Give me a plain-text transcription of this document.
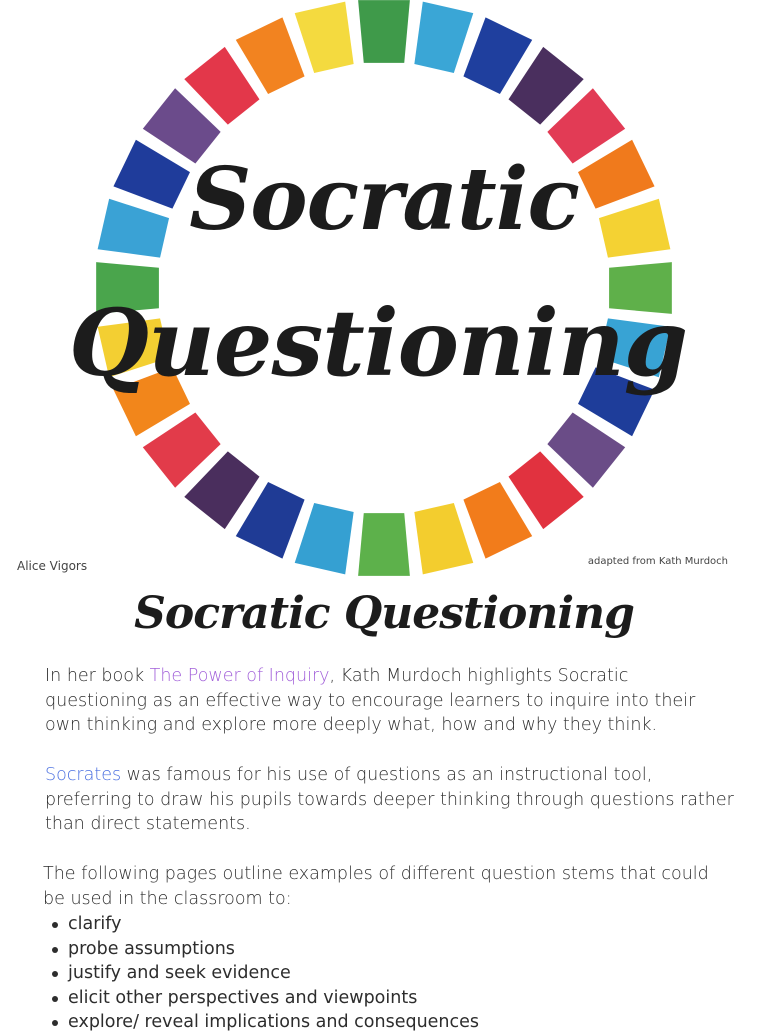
Socratic
Questioning
Alice Vigors	adapted from Kath Murdoch
Socratic Questioning

In her book The Power of Inquiry, Kath Murdoch highlights Socratic questioning as an effective way to encourage learners to inquire into their own thinking and explore more deeply what, how and why they think.

Socrates was famous for his use of questions as an instructional tool, preferring to draw his pupils towards deeper thinking through questions rather than direct statements.

The following pages outline examples of different question stems that could be used in the classroom to:

clarify
probe assumptions
justify and seek evidence
elicit other perspectives and viewpoints
explore/ reveal implications and consequences
